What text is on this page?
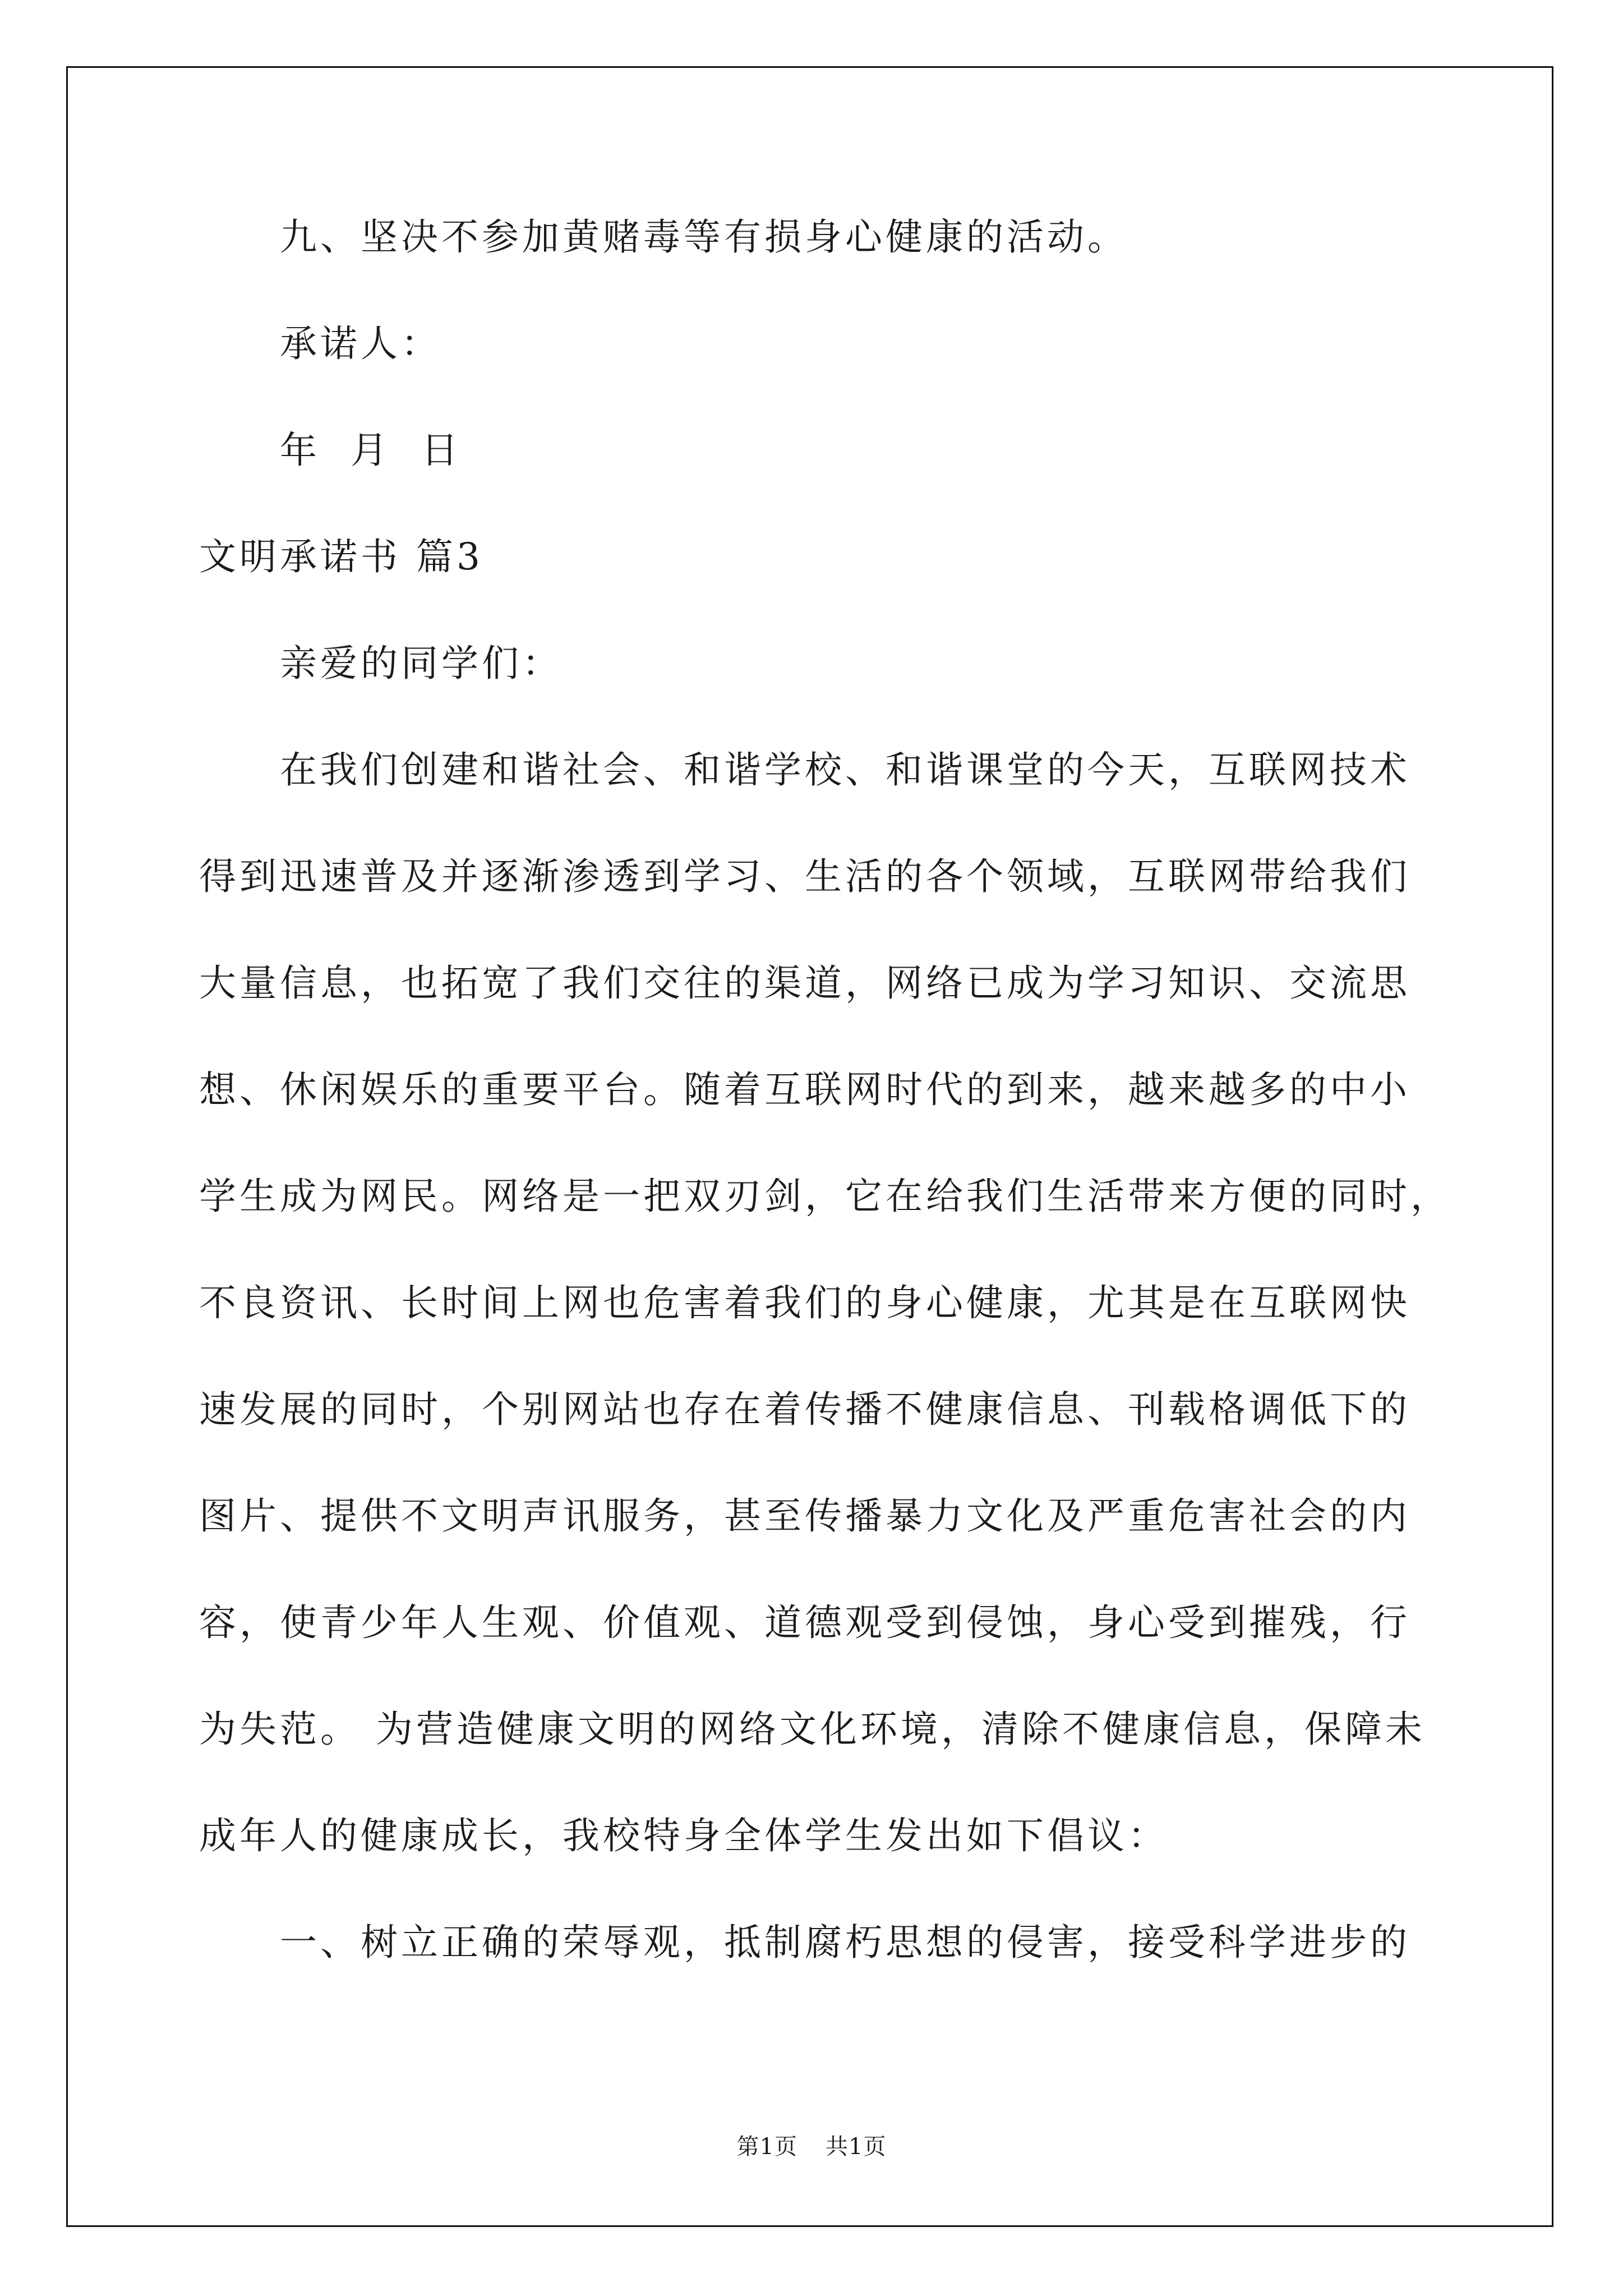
九、坚决不参加黄赌毒等有损身心健康的活动。

承诺人：

年  月  日

文明承诺书 篇3

亲爱的同学们：

在我们创建和谐社会、和谐学校、和谐课堂的今天，互联网技术

得到迅速普及并逐渐渗透到学习、生活的各个领域，互联网带给我们

大量信息，也拓宽了我们交往的渠道，网络已成为学习知识、交流思

想、休闲娱乐的重要平台。随着互联网时代的到来，越来越多的中小

学生成为网民。网络是一把双刃剑，它在给我们生活带来方便的同时，

不良资讯、长时间上网也危害着我们的身心健康，尤其是在互联网快

速发展的同时，个别网站也存在着传播不健康信息、刊载格调低下的

图片、提供不文明声讯服务，甚至传播暴力文化及严重危害社会的内

容，使青少年人生观、价值观、道德观受到侵蚀，身心受到摧残，行

为失范。 为营造健康文明的网络文化环境，清除不健康信息，保障未

成年人的健康成长，我校特身全体学生发出如下倡议：

一、树立正确的荣辱观，抵制腐朽思想的侵害，接受科学进步的

第1页 共1页
